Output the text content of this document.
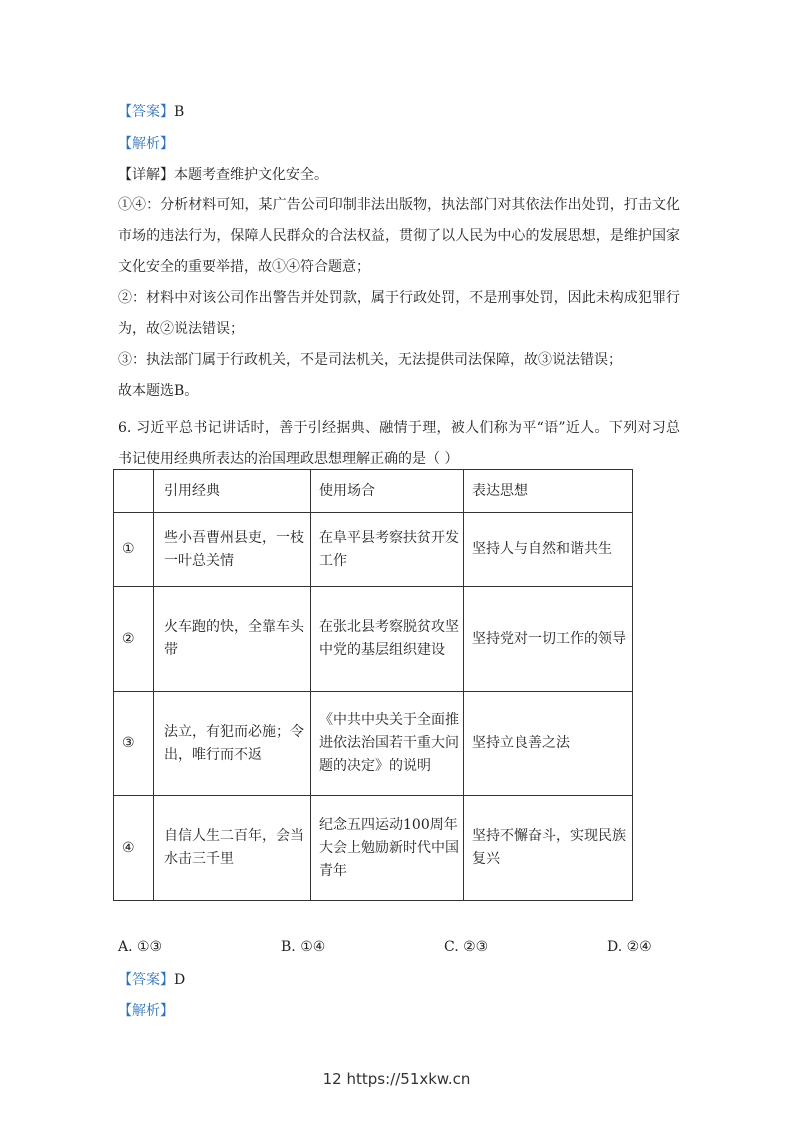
【答案】B
【解析】
【详解】本题考查维护文化安全。
①④：分析材料可知，某广告公司印制非法出版物，执法部门对其依法作出处罚，打击文化市场的违法行为，保障人民群众的合法权益，贯彻了以人民为中心的发展思想，是维护国家文化安全的重要举措，故①④符合题意；
②：材料中对该公司作出警告并处罚款，属于行政处罚，不是刑事处罚，因此未构成犯罪行为，故②说法错误；
③：执法部门属于行政机关，不是司法机关，无法提供司法保障，故③说法错误；
故本题选B。
6. 习近平总书记讲话时，善于引经据典、融情于理，被人们称为平“语”近人。下列对习总书记使用经典所表达的治国理政思想理解正确的是（ ）
	引用经典	使用场合	表达思想
①	些小吾曹州县吏，一枝一叶总关情	在阜平县考察扶贫开发工作	坚持人与自然和谐共生
②	火车跑的快，全靠车头带	在张北县考察脱贫攻坚中党的基层组织建设	坚持党对一切工作的领导
③	法立，有犯而必施；令出，唯行而不返	《中共中央关于全面推进依法治国若干重大问题的决定》的说明	坚持立良善之法
④	自信人生二百年，会当水击三千里	纪念五四运动100周年大会上勉励新时代中国青年	坚持不懈奋斗，实现民族复兴
A. ①③	B. ①④	C. ②③	D. ②④
【答案】D
【解析】
12 https://51xkw.cn
